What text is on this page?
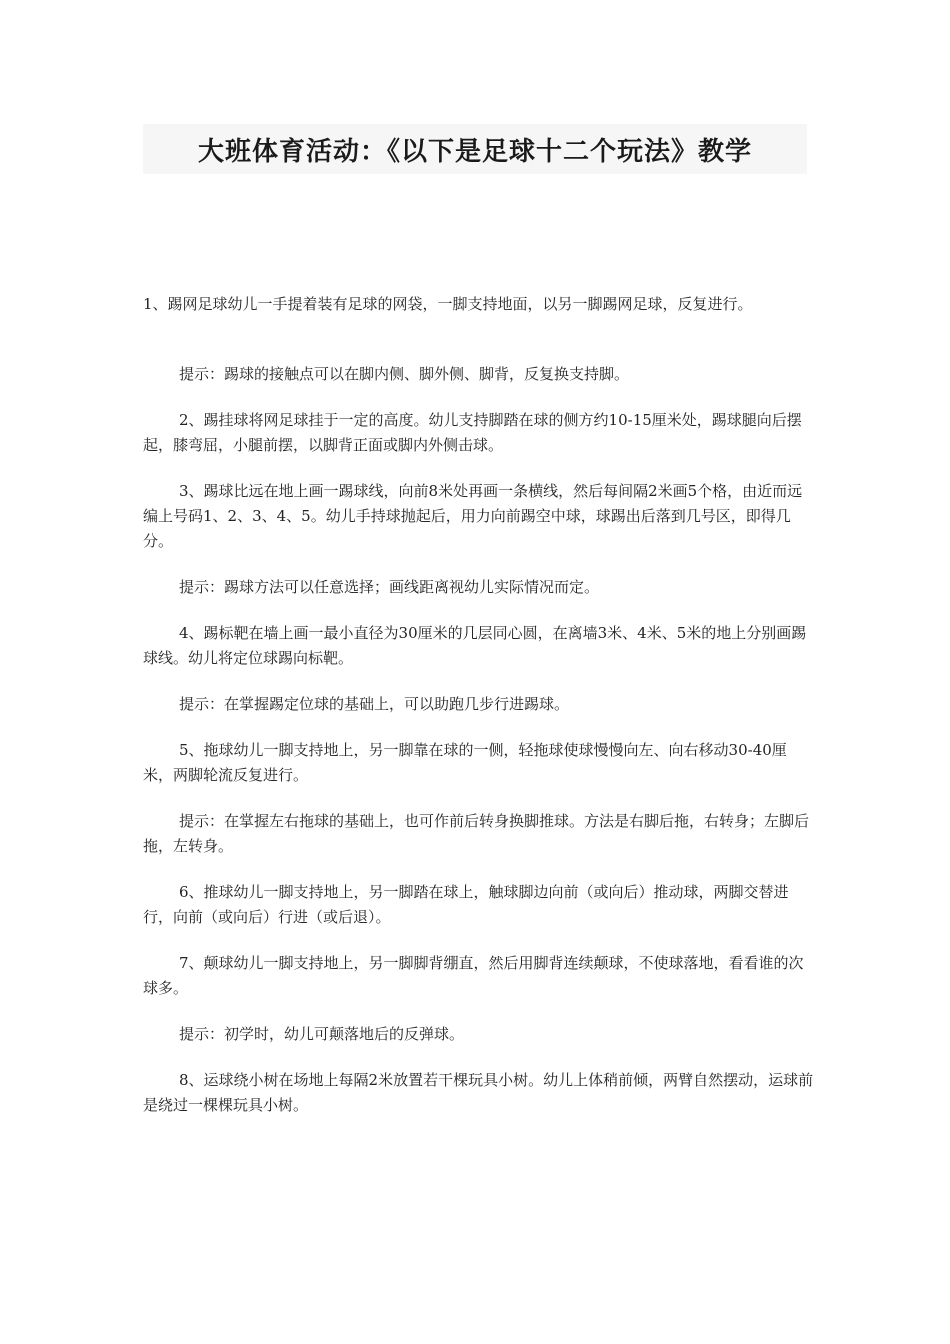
大班体育活动：《以下是足球十二个玩法》教学

1、踢网足球幼儿一手提着装有足球的网袋，一脚支持地面，以另一脚踢网足球，反复进行。

提示：踢球的接触点可以在脚内侧、脚外侧、脚背，反复换支持脚。

2、踢挂球将网足球挂于一定的高度。幼儿支持脚踏在球的侧方约10-15厘米处，踢球腿向后摆起，膝弯屈，小腿前摆，以脚背正面或脚内外侧击球。

3、踢球比远在地上画一踢球线，向前8米处再画一条横线，然后每间隔2米画5个格，由近而远编上号码1、2、3、4、5。幼儿手持球抛起后，用力向前踢空中球，球踢出后落到几号区，即得几分。

提示：踢球方法可以任意选择；画线距离视幼儿实际情况而定。

4、踢标靶在墙上画一最小直径为30厘米的几层同心圆，在离墙3米、4米、5米的地上分别画踢球线。幼儿将定位球踢向标靶。

提示：在掌握踢定位球的基础上，可以助跑几步行进踢球。

5、拖球幼儿一脚支持地上，另一脚靠在球的一侧，轻拖球使球慢慢向左、向右移动30-40厘米，两脚轮流反复进行。

提示：在掌握左右拖球的基础上，也可作前后转身换脚推球。方法是右脚后拖，右转身；左脚后拖，左转身。

6、推球幼儿一脚支持地上，另一脚踏在球上，触球脚边向前（或向后）推动球，两脚交替进行，向前（或向后）行进（或后退）。

7、颠球幼儿一脚支持地上，另一脚脚背绷直，然后用脚背连续颠球，不使球落地，看看谁的次球多。

提示：初学时，幼儿可颠落地后的反弹球。

8、运球绕小树在场地上每隔2米放置若干棵玩具小树。幼儿上体稍前倾，两臂自然摆动，运球前是绕过一棵棵玩具小树。
